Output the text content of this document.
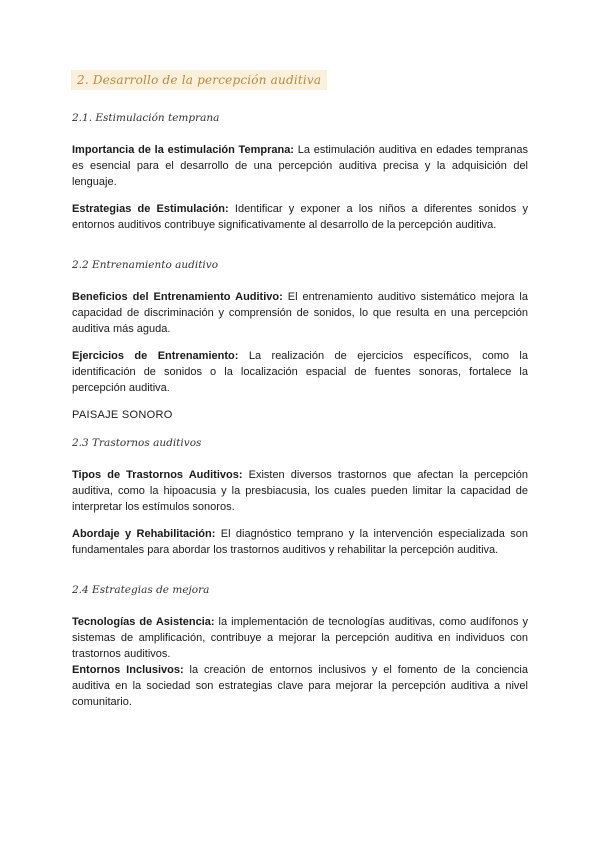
2. Desarrollo de la percepción auditiva
2.1. Estimulación temprana

Importancia de la estimulación Temprana: La estimulación auditiva en edades tempranas es esencial para el desarrollo de una percepción auditiva precisa y la adquisición del lenguaje.

Estrategias de Estimulación: Identificar y exponer a los niños a diferentes sonidos y entornos auditivos contribuye significativamente al desarrollo de la percepción auditiva.

2.2 Entrenamiento auditivo

Beneficios del Entrenamiento Auditivo: El entrenamiento auditivo sistemático mejora la capacidad de discriminación y comprensión de sonidos, lo que resulta en una percepción auditiva más aguda.

Ejercicios de Entrenamiento: La realización de ejercicios específicos, como la identificación de sonidos o la localización espacial de fuentes sonoras, fortalece la percepción auditiva.

PAISAJE SONORO
2.3 Trastornos auditivos

Tipos de Trastornos Auditivos: Existen diversos trastornos que afectan la percepción auditiva, como la hipoacusia y la presbiacusia, los cuales pueden limitar la capacidad de interpretar los estímulos sonoros.

Abordaje y Rehabilitación: El diagnóstico temprano y la intervención especializada son fundamentales para abordar los trastornos auditivos y rehabilitar la percepción auditiva.

2.4 Estrategias de mejora

Tecnologías de Asistencia: la implementación de tecnologías auditivas, como audífonos y sistemas de amplificación, contribuye a mejorar la percepción auditiva en individuos con trastornos auditivos.

Entornos Inclusivos: la creación de entornos inclusivos y el fomento de la conciencia auditiva en la sociedad son estrategias clave para mejorar la percepción auditiva a nivel comunitario.
